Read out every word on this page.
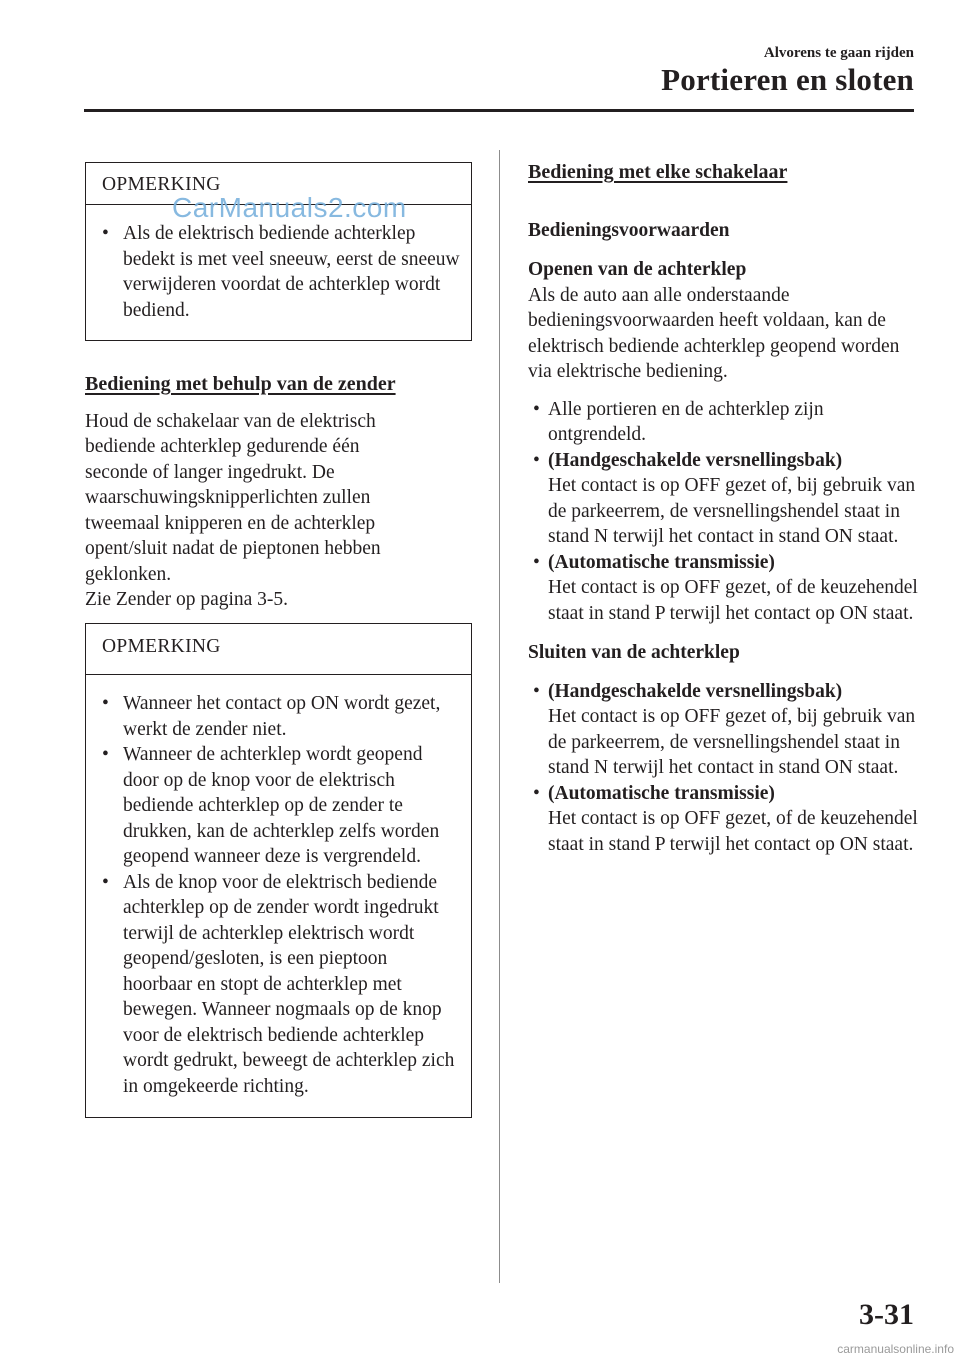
Alvorens te gaan rijden
Portieren en sloten
OPMERKING
• Als de elektrisch bediende achterklep bedekt is met veel sneeuw, eerst de sneeuw verwijderen voordat de achterklep wordt bediend.

Bediening met behulp van de zender

Houd de schakelaar van de elektrisch
bediende achterklep gedurende één
seconde of langer ingedrukt. De
waarschuwingsknipperlichten zullen
tweemaal knipperen en de achterklep
opent/sluit nadat de pieptonen hebben
geklonken.
Zie Zender op pagina 3-5.
OPMERKING
• Wanneer het contact op ON wordt gezet, werkt de zender niet.
• Wanneer de achterklep wordt geopend door op de knop voor de elektrisch bediende achterklep op de zender te drukken, kan de achterklep zelfs worden geopend wanneer deze is vergrendeld.
• Als de knop voor de elektrisch bediende achterklep op de zender wordt ingedrukt terwijl de achterklep elektrisch wordt geopend/gesloten, is een pieptoon hoorbaar en stopt de achterklep met bewegen. Wanneer nogmaals op de knop voor de elektrisch bediende achterklep wordt gedrukt, beweegt de achterklep zich in omgekeerde richting.

Bediening met elke schakelaar

Bedieningsvoorwaarden

Openen van de achterklep

Als de auto aan alle onderstaande bedieningsvoorwaarden heeft voldaan, kan de elektrisch bediende achterklep geopend worden via elektrische bediening.

• Alle portieren en de achterklep zijn ontgrendeld.
• (Handgeschakelde versnellingsbak)
Het contact is op OFF gezet of, bij gebruik van de parkeerrem, de versnellingshendel staat in stand N terwijl het contact in stand ON staat.
• (Automatische transmissie)
Het contact is op OFF gezet, of de keuzehendel staat in stand P terwijl het contact op ON staat.

Sluiten van de achterklep

• (Handgeschakelde versnellingsbak)
Het contact is op OFF gezet of, bij gebruik van de parkeerrem, de versnellingshendel staat in stand N terwijl het contact in stand ON staat.
• (Automatische transmissie)
Het contact is op OFF gezet, of de keuzehendel staat in stand P terwijl het contact op ON staat.
CarManuals2.com
3-31
carmanualsonline.info
